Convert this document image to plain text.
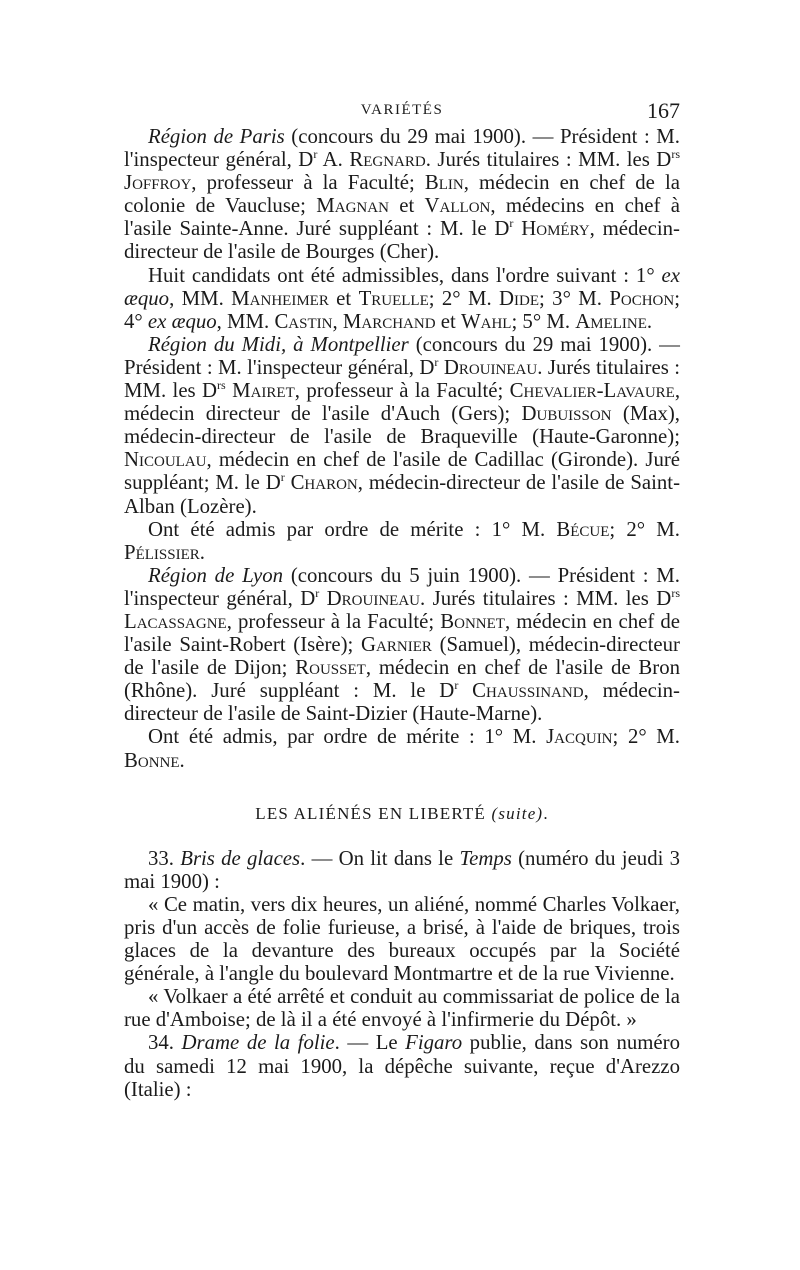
VARIÉTÉS	167

Région de Paris (concours du 29 mai 1900). — Président : M. l'inspecteur général, $D^r$ A. Regnard. Jurés titulaires : MM. les $D^{rs}$ Joffroy, professeur à la Faculté; Blin, médecin en chef de la colonie de Vaucluse; Magnan et Vallon, médecins en chef à l'asile Sainte-Anne. Juré suppléant : M. le $D^r$ Homéry, médecin-directeur de l'asile de Bourges (Cher).

Huit candidats ont été admissibles, dans l'ordre suivant : 1° ex æquo, MM. Manheimer et Truelle; 2° M. Dide; 3° M. Pochon; 4° ex æquo, MM. Castin, Marchand et Wahl; 5° M. Ameline.

Région du Midi, à Montpellier (concours du 29 mai 1900). — Président : M. l'inspecteur général, $D^r$ Drouineau. Jurés titulaires : MM. les $D^{rs}$ Mairet, professeur à la Faculté; Chevalier-Lavaure, médecin directeur de l'asile d'Auch (Gers); Dubuisson (Max), médecin-directeur de l'asile de Braqueville (Haute-Garonne); Nicoulau, médecin en chef de l'asile de Cadillac (Gironde). Juré suppléant; M. le $D^r$ Charon, médecin-directeur de l'asile de Saint-Alban (Lozère).

Ont été admis par ordre de mérite : 1° M. Bécue; 2° M. Pélissier.

Région de Lyon (concours du 5 juin 1900). — Président : M. l'inspecteur général, $D^r$ Drouineau. Jurés titulaires : MM. les $D^{rs}$ Lacassagne, professeur à la Faculté; Bonnet, médecin en chef de l'asile Saint-Robert (Isère); Garnier (Samuel), médecin-directeur de l'asile de Dijon; Rousset, médecin en chef de l'asile de Bron (Rhône). Juré suppléant : M. le $D^r$ Chaussinand, médecin-directeur de l'asile de Saint-Dizier (Haute-Marne).

Ont été admis, par ordre de mérite : 1° M. Jacquin; 2° M. Bonne.

LES ALIÉNÉS EN LIBERTÉ (suite).

33. Bris de glaces. — On lit dans le Temps (numéro du jeudi 3 mai 1900) :

« Ce matin, vers dix heures, un aliéné, nommé Charles Volkaer, pris d'un accès de folie furieuse, a brisé, à l'aide de briques, trois glaces de la devanture des bureaux occupés par la Société générale, à l'angle du boulevard Montmartre et de la rue Vivienne.

« Volkaer a été arrêté et conduit au commissariat de police de la rue d'Amboise; de là il a été envoyé à l'infirmerie du Dépôt. »

34. Drame de la folie. — Le Figaro publie, dans son numéro du samedi 12 mai 1900, la dépêche suivante, reçue d'Arezzo (Italie) :
